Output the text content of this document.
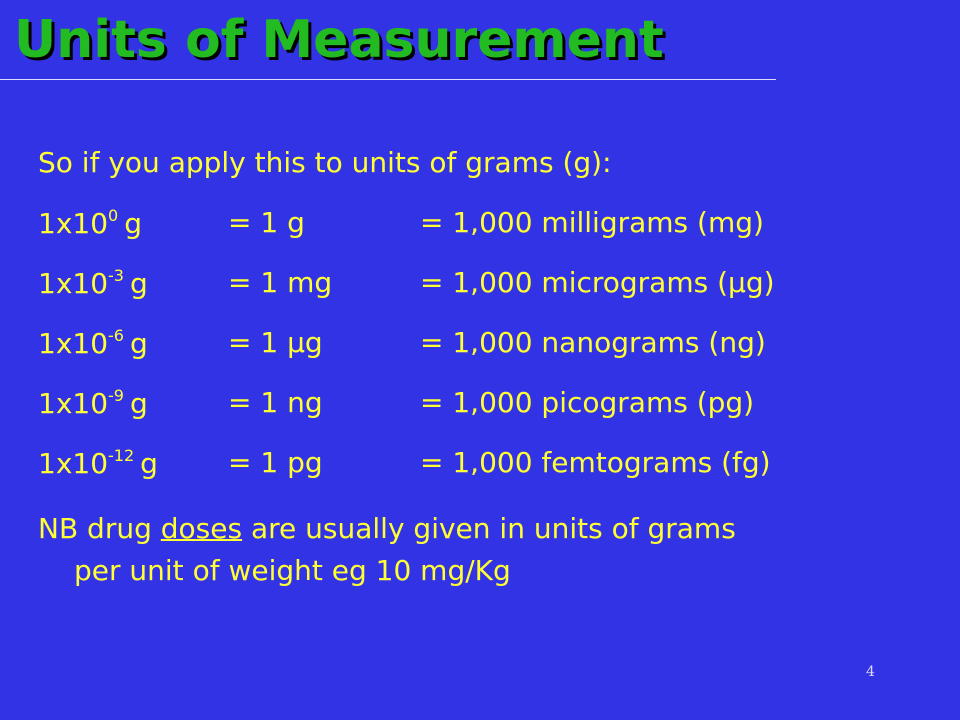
Units of Measurement
So if you apply this to units of grams (g):
$1x10^0$ g	= 1 g	= 1,000 milligrams (mg)
$1x10^{-3}$ g	= 1 mg	= 1,000 micrograms (µg)
$1x10^{-6}$ g	= 1 µg	= 1,000 nanograms (ng)
$1x10^{-9}$ g	= 1 ng	= 1,000 picograms (pg)
$1x10^{-12}$ g	= 1 pg	= 1,000 femtograms (fg)
NB drug doses are usually given in units of grams
per unit of weight eg 10 mg/Kg
4
